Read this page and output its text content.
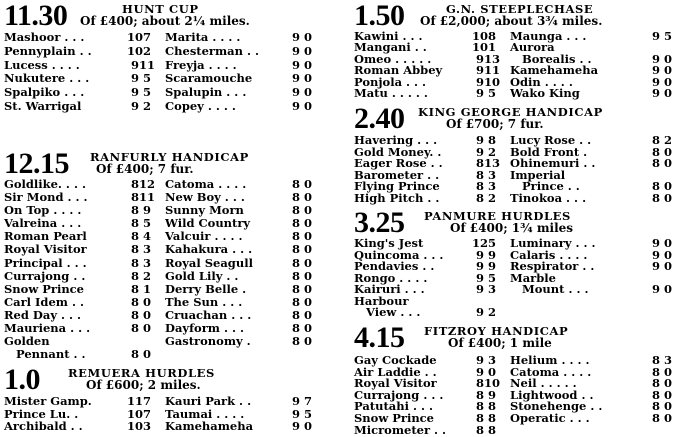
11.30	HUNT CUP
Of £400; about 2¼ miles.
Mashoor . . .	10 7
Pennyplain . .	10 2
Lucess . . . .	9 11
Nukutere . . .	9 5
Spalpiko . . .	9 5
St. Warrigal	9 2
Marita . . . .	9 0
Chesterman . .	9 0
Freyja . . . .	9 0
Scaramouche	9 0
Spalupin . . .	9 0
Copey . . . .	9 0
12.15	RANFURLY HANDICAP
Of £400; 7 fur.
Goldlike. . . .	8 12
Sir Mond . . .	8 11
On Top . . . .	8 9
Valreina . . .	8 5
Roman Pearl	8 4
Royal Visitor	8 3
Principal . . .	8 3
Currajong . .	8 2
Snow Prince	8 1
Carl Idem . .	8 0
Red Day . . .	8 0
Mauriena . . .	8 0
Golden
Pennant . .	8 0
Catoma . . . .	8 0
New Boy . . .	8 0
Sunny Morn	8 0
Wild Country	8 0
Valcuir . . . .	8 0
Kahakura . . .	8 0
Royal Seagull	8 0
Gold Lily . .	8 0
Derry Belle .	8 0
The Sun . . .	8 0
Cruachan . . .	8 0
Dayform . . .	8 0
Gastronomy .	8 0
1.0	REMUERA HURDLES
Of £600; 2 miles.
Mister Gamp.	11 7
Prince Lu. .	10 7
Archibald . .	10 3
Kauri Park . .	9 7
Taumai . . . .	9 5
Kamehameha	9 0
1.50	G.N. STEEPLECHASE
Of £2,000; about 3¾ miles.
Kawini . . .	10 8
Mangani . .	10 1
Omeo . . . . .	9 13
Roman Abbey	9 11
Ponjola . . .	9 10
Matu . . . . .	9 5
Maunga . . .	9 5
Aurora
Borealis . .	9 0
Kamehameha	9 0
Odin . . . .	9 0
Wako King	9 0
2.40	KING GEORGE HANDICAP
Of £700; 7 fur.
Havering . . .	9 8
Gold Money. .	9 2
Eager Rose . .	8 13
Barometer . .	8 3
Flying Prince	8 3
High Pitch . .	8 2
Lucy Rose . .	8 2
Bold Front .	8 0
Ohinemuri . .	8 0
Imperial
Prince . .	8 0
Tinokoa . . .	8 0
3.25	PANMURE HURDLES
Of £400; 1¾ miles
King's Jest	12 5
Quincoma . . .	9 9
Pendavies . .	9 9
Rongo . . . .	9 5
Kairuri . . .	9 3
Harbour
View . . .	9 2
Luminary . . .	9 0
Calaris . . . .	9 0
Respirator . .	9 0
Marble
Mount . . .	9 0
4.15	FITZROY HANDICAP
Of £400; 1 mile
Gay Cockade	9 3
Air Laddie . .	9 0
Royal Visitor	8 10
Currajong . . .	8 9
Patutahi . . .	8 8
Snow Prince	8 8
Micrometer . .	8 8
Helium . . . .	8 3
Catoma . . . .	8 0
Neil . . . . .	8 0
Lightwood . .	8 0
Stonehenge . .	8 0
Operatic . . .	8 0
